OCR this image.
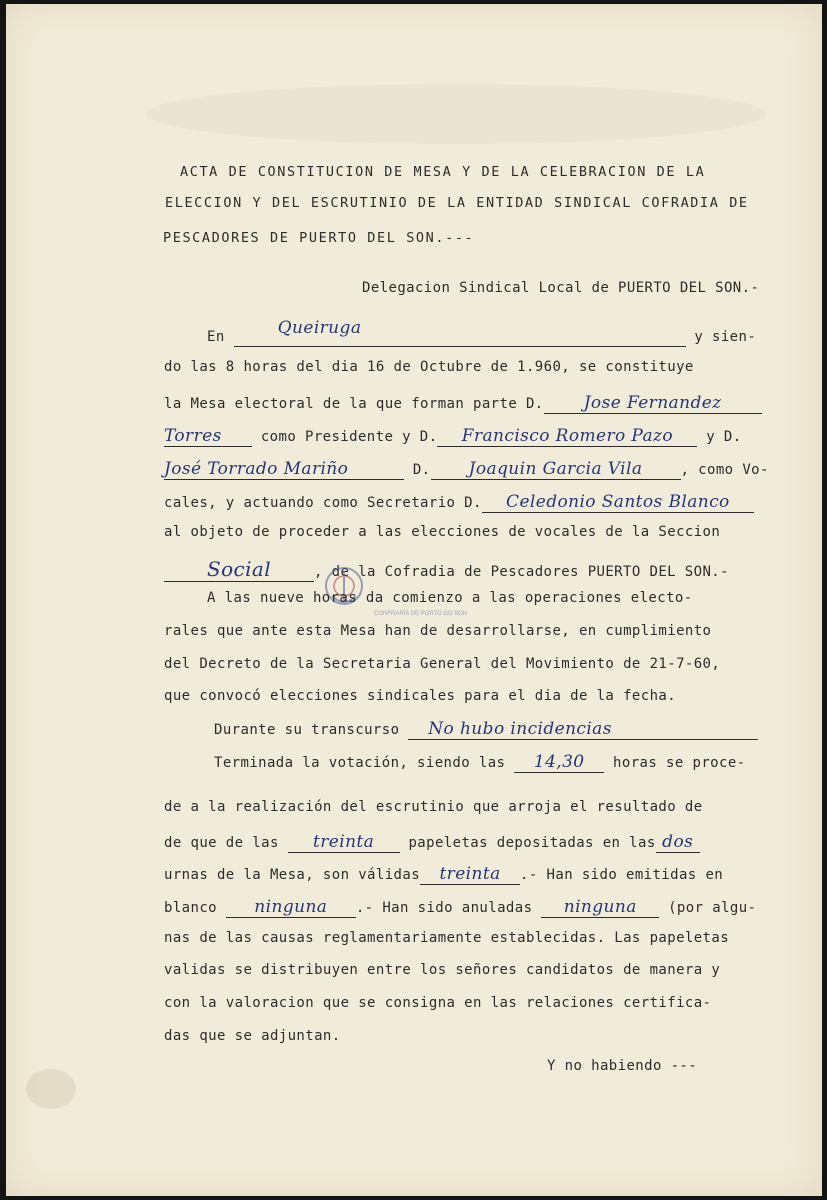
ACTA DE CONSTITUCION DE MESA Y DE LA CELEBRACION DE LA
ELECCION Y DEL ESCRUTINIO DE LA ENTIDAD SINDICAL COFRADIA DE
PESCADORES DE PUERTO DEL SON.---
Delegacion Sindical Local de PUERTO DEL SON.-
En	Queiruga	y sien-
do las 8 horas del dia 16 de Octubre de 1.960, se constituye
la Mesa electoral de la que forman parte D. Jose Fernandez
Torres	como Presidente y D. Francisco Romero Pazo y D.
José Torrado Mariño	D. Joaquin Garcia Vila	, como Vo-
cales, y actuando como Secretario D. Celedonio Santos Blanco
al objeto de proceder a las elecciones de vocales de la Seccion
Social	, de la Cofradia de Pescadores PUERTO DEL SON.-
CONFRARÍA DE PORTO DO SON
A las nueve horas da comienzo a las operaciones electo-
rales que ante esta Mesa han de desarrollarse, en cumplimiento
del Decreto de la Secretaria General del Movimiento de 21-7-60,
que convocó elecciones sindicales para el dia de la fecha.
Durante su transcurso No hubo incidencias
Terminada la votación, siendo las 14,30 horas se proce-
de a la realización del escrutinio que arroja el resultado de
de que de las treinta papeletas depositadas en las dos
urnas de la Mesa, son válidas treinta .- Han sido emitidas en
blanco ninguna .- Han sido anuladas ninguna (por algu-
nas de las causas reglamentariamente establecidas. Las papeletas
validas se distribuyen entre los señores candidatos de manera y
con la valoracion que se consigna en las relaciones certifica-
das que se adjuntan.
Y no habiendo ---
